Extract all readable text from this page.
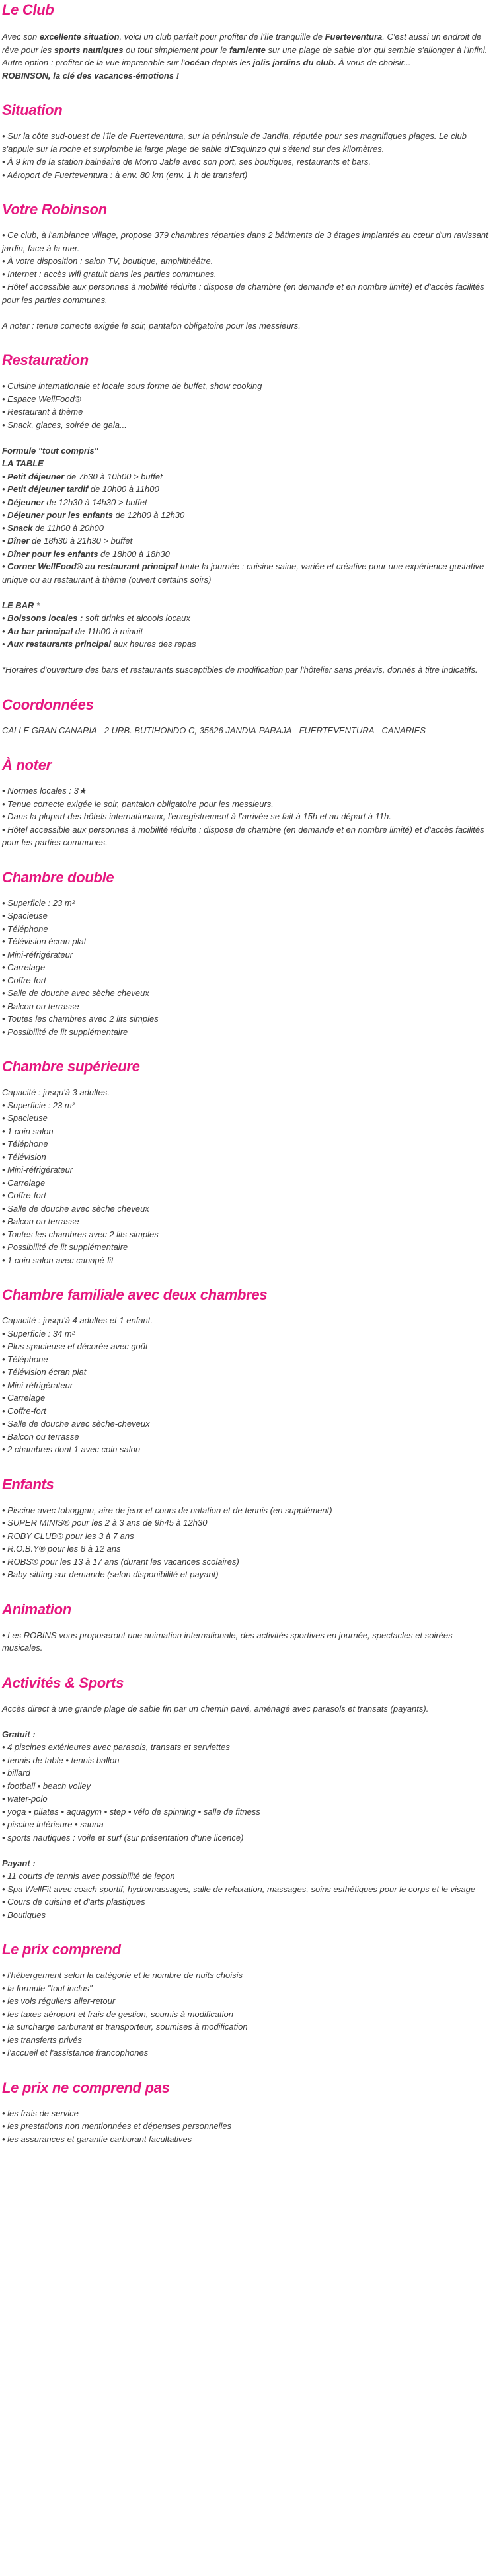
Le Club

Avec son excellente situation, voici un club parfait pour profiter de l'île tranquille de Fuerteventura. C'est aussi un endroit de rêve pour les sports nautiques ou tout simplement pour le farniente sur une plage de sable d'or qui semble s'allonger à l'infini. Autre option : profiter de la vue imprenable sur l'océan depuis les jolis jardins du club. À vous de choisir...

ROBINSON, la clé des vacances-émotions !

Situation

• Sur la côte sud-ouest de l'île de Fuerteventura, sur la péninsule de Jandía, réputée pour ses magnifiques plages. Le club s'appuie sur la roche et surplombe la large plage de sable d'Esquinzo qui s'étend sur des kilomètres.

• À 9 km de la station balnéaire de Morro Jable avec son port, ses boutiques, restaurants et bars.

• Aéroport de Fuerteventura : à env. 80 km (env. 1 h de transfert)

Votre Robinson

• Ce club, à l'ambiance village, propose 379 chambres réparties dans 2 bâtiments de 3 étages implantés au cœur d'un ravissant jardin, face à la mer.

• À votre disposition : salon TV, boutique, amphithéâtre.

• Internet : accès wifi gratuit dans les parties communes.

• Hôtel accessible aux personnes à mobilité réduite : dispose de chambre (en demande et en nombre limité) et d'accès facilités pour les parties communes.

A noter : tenue correcte exigée le soir, pantalon obligatoire pour les messieurs.

Restauration

• Cuisine internationale et locale sous forme de buffet, show cooking

• Espace WellFood®

• Restaurant à thème

• Snack, glaces, soirée de gala...

Formule "tout compris"

LA TABLE

• Petit déjeuner de 7h30 à 10h00 > buffet

• Petit déjeuner tardif de 10h00 à 11h00

• Déjeuner de 12h30 à 14h30 > buffet

• Déjeuner pour les enfants de 12h00 à 12h30

• Snack de 11h00 à 20h00

• Dîner de 18h30 à 21h30 > buffet

• Dîner pour les enfants de 18h00 à 18h30

• Corner WellFood® au restaurant principal toute la journée : cuisine saine, variée et créative pour une expérience gustative unique ou au restaurant à thème (ouvert certains soirs)

LE BAR *

• Boissons locales : soft drinks et alcools locaux

• Au bar principal de 11h00 à minuit

• Aux restaurants principal aux heures des repas

*Horaires d'ouverture des bars et restaurants susceptibles de modification par l'hôtelier sans préavis, donnés à titre indicatifs.

Coordonnées

CALLE GRAN CANARIA - 2 URB. BUTIHONDO C, 35626 JANDIA-PARAJA - FUERTEVENTURA - CANARIES

À noter

• Normes locales : 3★

• Tenue correcte exigée le soir, pantalon obligatoire pour les messieurs.

• Dans la plupart des hôtels internationaux, l'enregistrement à l'arrivée se fait à 15h et au départ à 11h.

• Hôtel accessible aux personnes à mobilité réduite : dispose de chambre (en demande et en nombre limité) et d'accès facilités pour les parties communes.

Chambre double

• Superficie : 23 m²

• Spacieuse

• Téléphone

• Télévision écran plat

• Mini-réfrigérateur

• Carrelage

• Coffre-fort

• Salle de douche avec sèche cheveux

• Balcon ou terrasse

• Toutes les chambres avec 2 lits simples

• Possibilité de lit supplémentaire

Chambre supérieure

Capacité : jusqu'à 3 adultes.

• Superficie : 23 m²

• Spacieuse

• 1 coin salon

• Téléphone

• Télévision

• Mini-réfrigérateur

• Carrelage

• Coffre-fort

• Salle de douche avec sèche cheveux

• Balcon ou terrasse

• Toutes les chambres avec 2 lits simples

• Possibilité de lit supplémentaire

• 1 coin salon avec canapé-lit

Chambre familiale avec deux chambres

Capacité : jusqu'à 4 adultes et 1 enfant.

• Superficie : 34 m²

• Plus spacieuse et décorée avec goût

• Téléphone

• Télévision écran plat

• Mini-réfrigérateur

• Carrelage

• Coffre-fort

• Salle de douche avec sèche-cheveux

• Balcon ou terrasse

• 2 chambres dont 1 avec coin salon

Enfants

• Piscine avec toboggan, aire de jeux et cours de natation et de tennis (en supplément)

• SUPER MINIS® pour les 2 à 3 ans de 9h45 à 12h30

• ROBY CLUB® pour les 3 à 7 ans

• R.O.B.Y® pour les 8 à 12 ans

• ROBS® pour les 13 à 17 ans (durant les vacances scolaires)

• Baby-sitting sur demande (selon disponibilité et payant)

Animation

• Les ROBINS vous proposeront une animation internationale, des activités sportives en journée, spectacles et soirées musicales.

Activités & Sports

Accès direct à une grande plage de sable fin par un chemin pavé, aménagé avec parasols et transats (payants).

Gratuit :

• 4 piscines extérieures avec parasols, transats et serviettes

• tennis de table • tennis ballon

• billard

• football • beach volley

• water-polo

• yoga • pilates • aquagym • step • vélo de spinning • salle de fitness

• piscine intérieure • sauna

• sports nautiques : voile et surf (sur présentation d'une licence)

Payant :

• 11 courts de tennis avec possibilité de leçon

• Spa WellFit avec coach sportif, hydromassages, salle de relaxation, massages, soins esthétiques pour le corps et le visage

• Cours de cuisine et d'arts plastiques

• Boutiques

Le prix comprend

• l'hébergement selon la catégorie et le nombre de nuits choisis

• la formule "tout inclus"

• les vols réguliers aller-retour

• les taxes aéroport et frais de gestion, soumis à modification

• la surcharge carburant et transporteur, soumises à modification

• les transferts privés

• l'accueil et l'assistance francophones

Le prix ne comprend pas

• les frais de service

• les prestations non mentionnées et dépenses personnelles

• les assurances et garantie carburant facultatives
